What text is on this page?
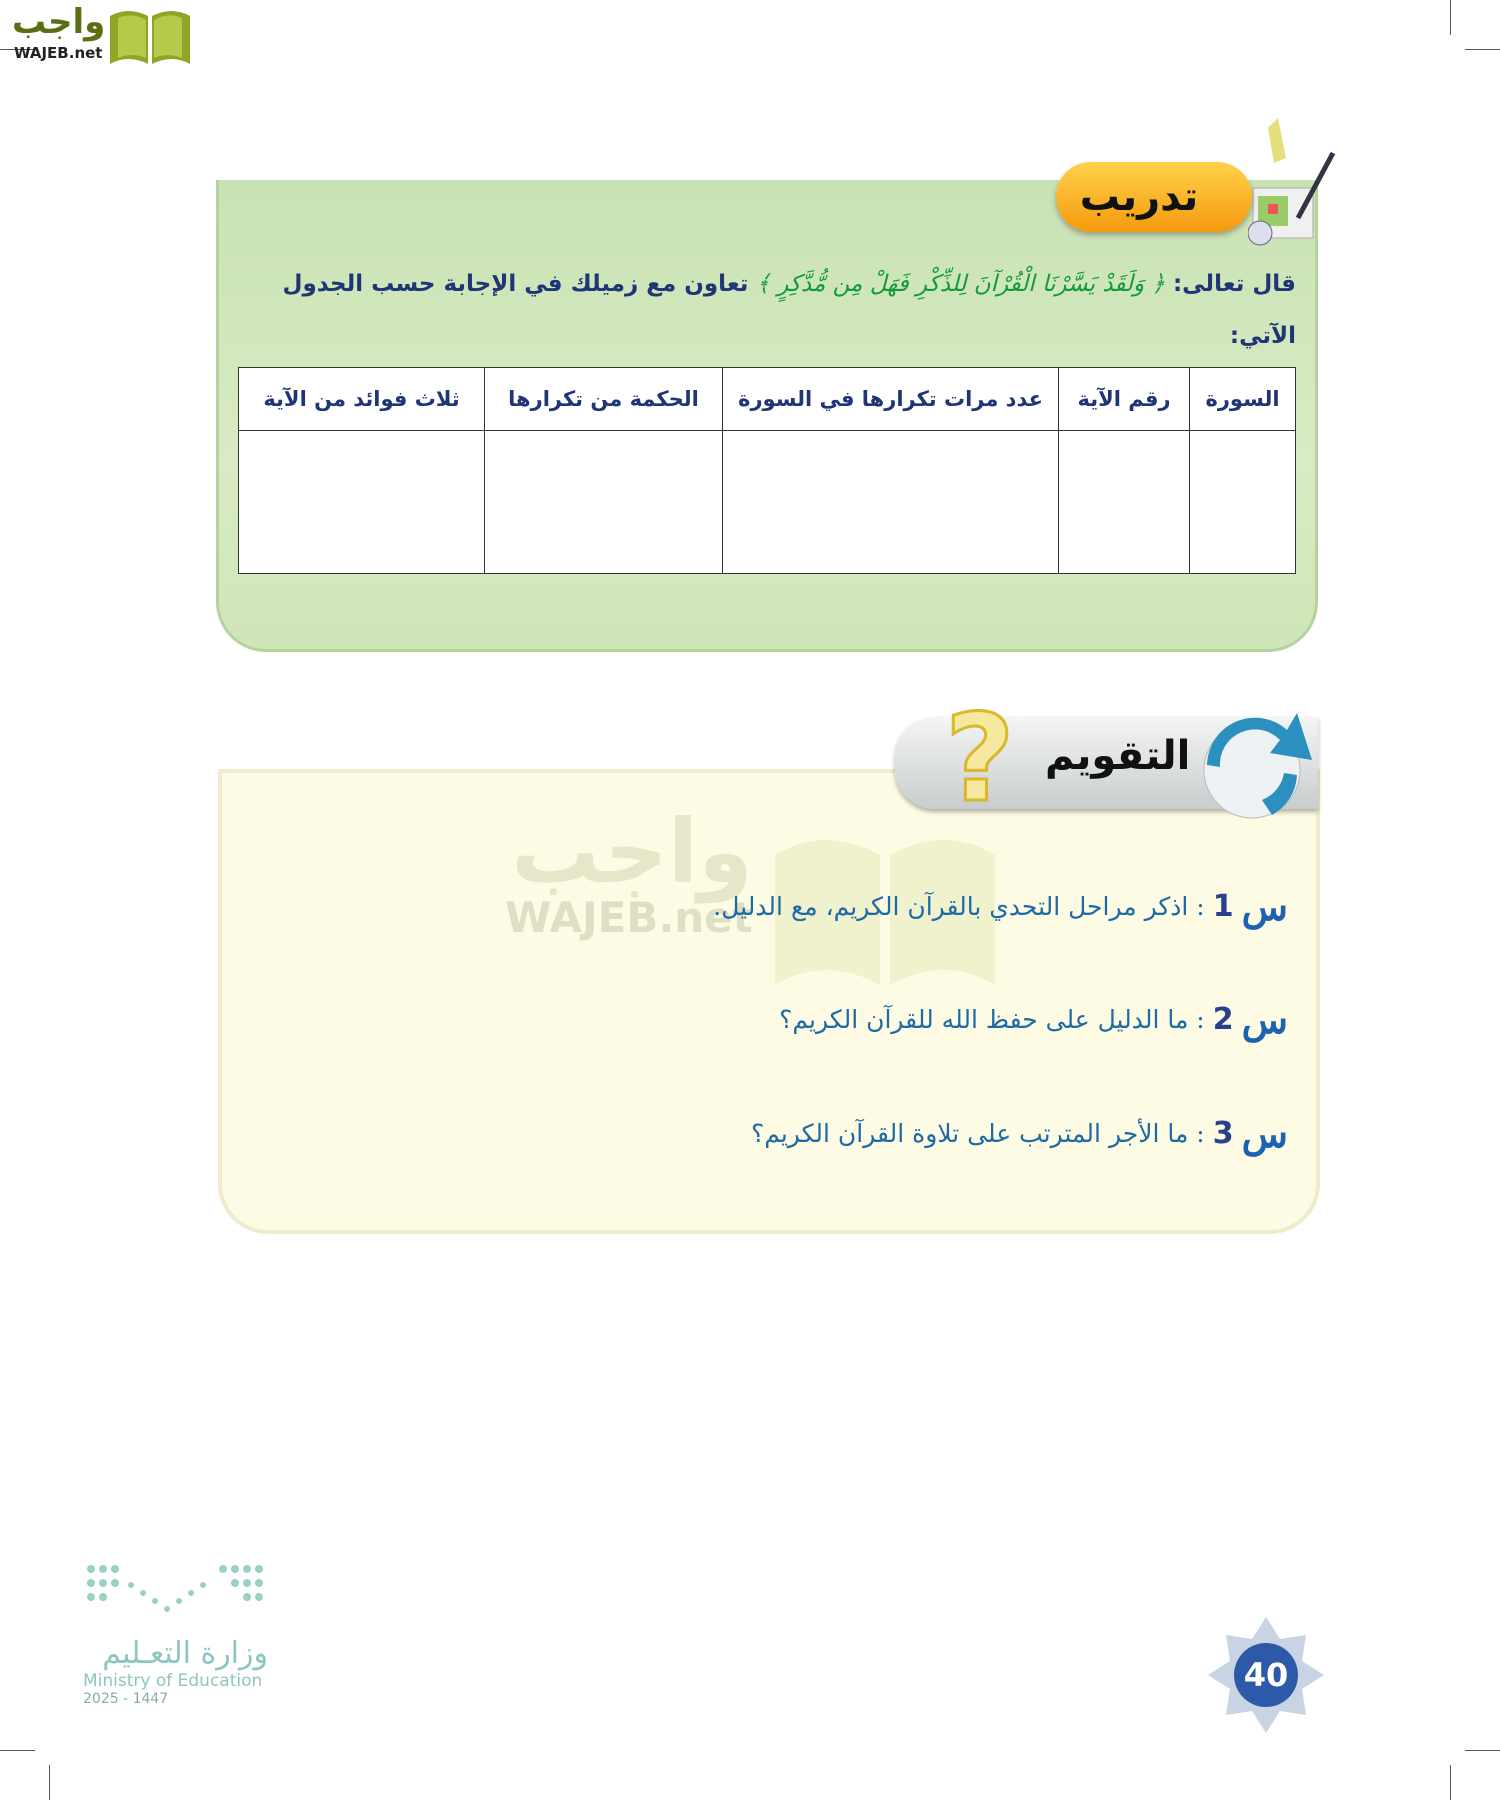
واجب
WAJEB.net
تدريب
قال تعالى: ﴿ وَلَقَدْ يَسَّرْنَا الْقُرْآنَ لِلذِّكْرِ فَهَلْ مِن مُّدَّكِرٍ ﴾ تعاون مع زميلك في الإجابة حسب الجدول الآتي:
السورة	رقم الآية	عدد مرات تكرارها في السورة	الحكمة من تكرارها	ثلاث فوائد من الآية

التقويم
?
واجب
WAJEB.net	س
1
: اذكر مراحل التحدي بالقرآن الكريم، مع الدليل.
س
2
: ما الدليل على حفظ الله للقرآن الكريم؟
س
3
: ما الأجر المترتب على تلاوة القرآن الكريم؟
وزارة التعـليم
Ministry of Education
2025 - 1447
40
